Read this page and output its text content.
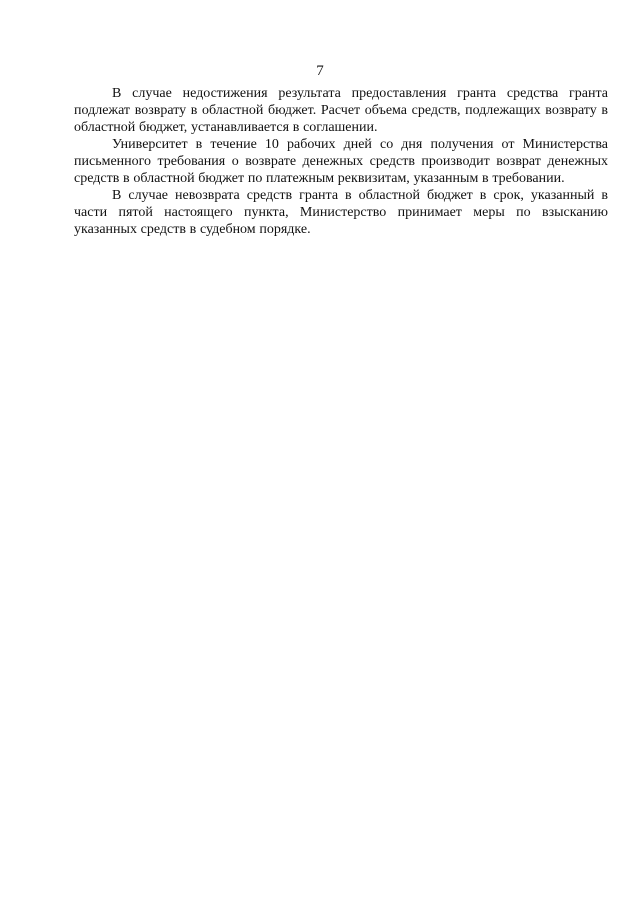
7

В случае недостижения результата предоставления гранта средства гранта подлежат возврату в областной бюджет. Расчет объема средств, подлежащих возврату в областной бюджет, устанавливается в соглашении.

Университет в течение 10 рабочих дней со дня получения от Министерства письменного требования о возврате денежных средств производит возврат денежных средств в областной бюджет по платежным реквизитам, указанным в требовании.

В случае невозврата средств гранта в областной бюджет в срок, указанный в части пятой настоящего пункта, Министерство принимает меры по взысканию указанных средств в судебном порядке.
